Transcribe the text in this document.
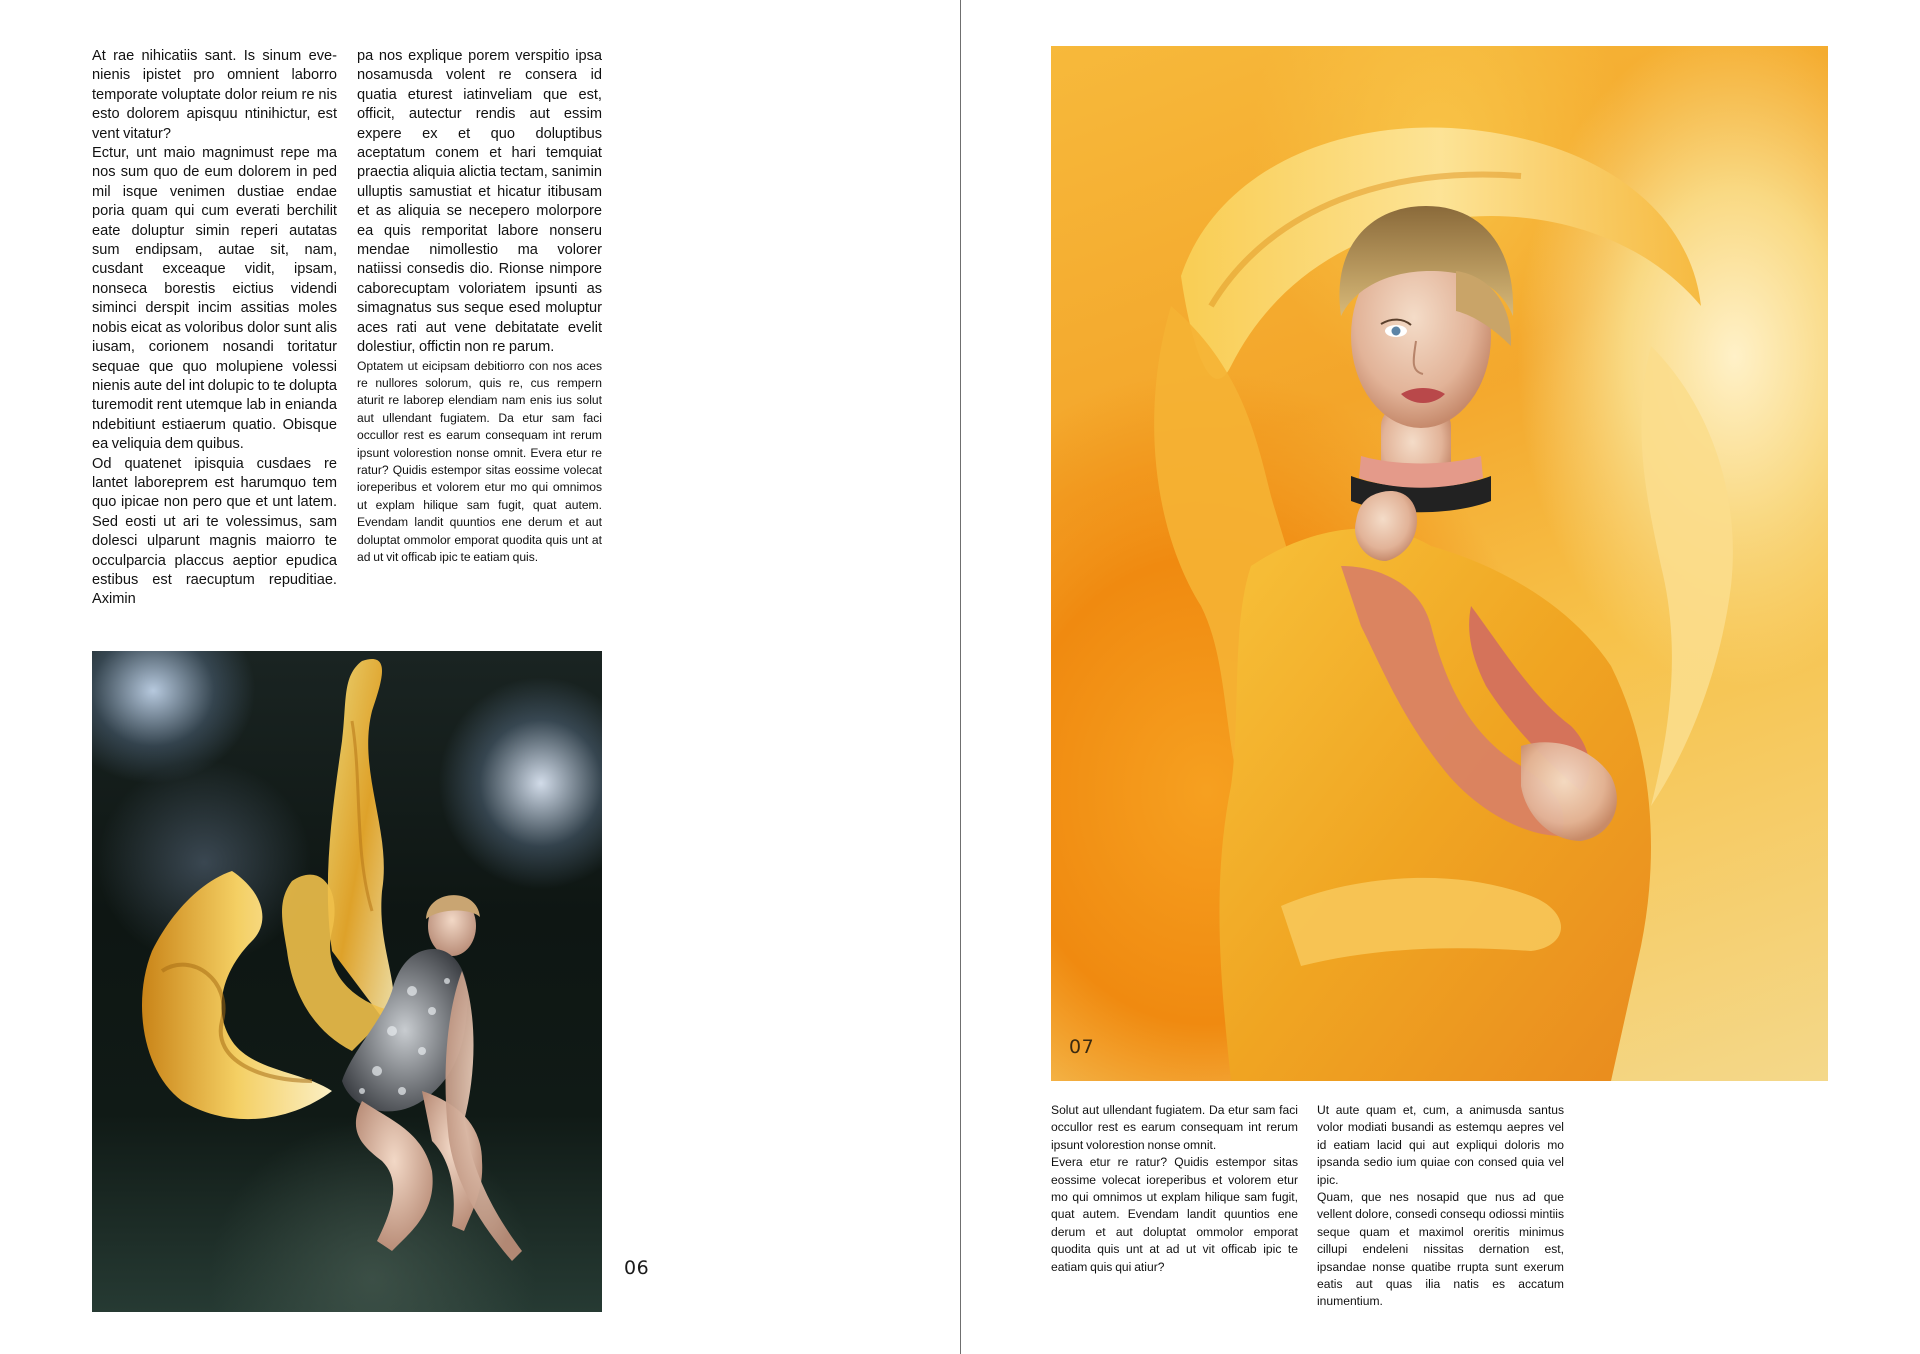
At rae nihicatiis sant. Is sinum evenienis ipistet pro omnient laborro temporate voluptate dolor reium re nis esto dolorem apisquu ntinihictur, est vent vitatur?

Ectur, unt maio magnimust repe ma nos sum quo de eum dolorem in ped mil isque venimen dustiae endae poria quam qui cum everati berchilit eate doluptur simin reperi autatas sum endipsam, autae sit, nam, cusdant exceaque vidit, ipsam, nonseca borestis eictius videndi siminci derspit incim assitias moles nobis eicat as voloribus dolor sunt alis iusam, corionem nosandi toritatur sequae que quo molupiene volessi nienis aute del int dolupic to te dolupta turemodit rent utemque lab in enianda ndebitiunt estiaerum quatio. Obisque ea veliquia dem quibus.

Od quatenet ipisquia cusdaes re lantet laboreprem est harumquo tem quo ipicae non pero que et unt latem. Sed eosti ut ari te volessimus, sam dolesci ulparunt magnis maiorro te occulparcia placcus aeptior epudica estibus est raecuptum repuditiae. Aximin

pa nos explique porem verspitio ipsa nosamusda volent re consera id quatia eturest iatinveliam que est, officit, autectur rendis aut essim expere ex et quo doluptibus aceptatum conem et hari temquiat praectia aliquia alictia tectam, sanimin ulluptis samustiat et hicatur itibusam et as aliquia se necepero molorpore ea quis remporitat labore nonseru mendae nimollestio ma volorer natiissi consedis dio. Rionse nimpore caborecuptam voloriatem ipsunti as simagnatus sus seque esed moluptur aces rati aut vene debitatate evelit dolestiur, offictin non re parum.

Optatem ut eicipsam debitiorro con nos aces re nullores solorum, quis re, cus rempern aturit re laborep elendiam nam enis ius solut aut ullendant fugiatem. Da etur sam faci occullor rest es earum consequam int rerum ipsunt volorestion nonse omnit. Evera etur re ratur? Quidis estempor sitas eossime volecat ioreperibus et volorem etur mo qui omnimos ut explam hilique sam fugit, quat autem. Evendam landit quuntios ene derum et aut doluptat ommolor emporat quodita quis unt at ad ut vit officab ipic te eatiam quis.

06
07

Solut aut ullendant fugiatem. Da etur sam faci occullor rest es earum consequam int rerum ipsunt volorestion nonse omnit.

Evera etur re ratur? Quidis estempor sitas eossime volecat ioreperibus et volorem etur mo qui omnimos ut explam hilique sam fugit, quat autem. Evendam landit quuntios ene derum et aut doluptat ommolor emporat quodita quis unt at ad ut vit officab ipic te eatiam quis qui atiur?

Ut aute quam et, cum, a animusda santus volor modiati busandi as estemqu aepres vel id eatiam lacid qui aut expliqui doloris mo ipsanda sedio ium quiae con consed quia vel ipic.

Quam, que nes nosapid que nus ad que vellent dolore, consedi consequ odiossi mintiis seque quam et maximol oreritis minimus cillupi endeleni nissitas dernation est, ipsandae nonse quatibe rrupta sunt exerum eatis aut quas ilia natis es accatum inumentium.
